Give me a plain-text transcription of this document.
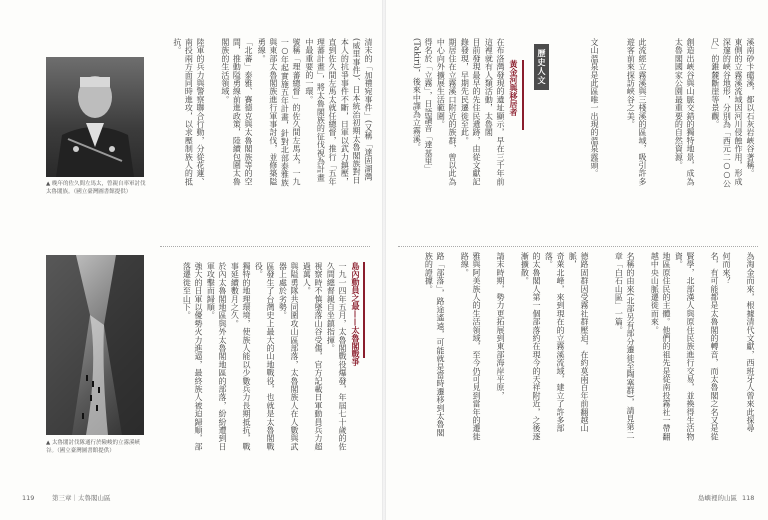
▲ 晚年的佐久間左馬太，曾親自率軍討伐太魯閣族。（國立臺灣圖書館提供）
清末的「加禮宛事件」(又稱「達固湖灣
(威里事件)、日本統治初期太魯閣族對日本人的抗爭事件不斷，日軍以武力鎮壓，
直到佐久間左馬太就任總督，推行「五年理蕃計畫」，將太魯閣族的征伐視為計畫中最重要的一環。
號稱「理蕃總督」的佐久間左馬太，一九一○年起實施五年計畫，針對北部泰雅族與東部太魯閣族進行軍事討伐，並修築隘勇線。
「北蕃」泰雅、賽德克與太魯閣族等的空間，推動隘勇線前進政策，陸續包圍太魯閣族的生活領域。
陸軍的兵力與警察聯合行動，分從花蓮、南投兩方面同時進攻，以求壓制族人的抵抗。
島內動員之最——太魯閣戰爭
一九一四年五月，太魯閣戰役爆發，年屆七十歲的佐久間總督親自坐鎮指揮。
視察時不慎墜落山谷受傷，官方記載日軍動員兵力超過萬人。
與隘勇隊共同圍攻山區部落，太魯閣族人在人數與武器上處於劣勢。
區發生了台灣史上最大的山地戰役，也就是太魯閣戰役。
獨特的地理環境，使族人能以少數兵力長期抵抗，戰事延續數月之久。
於內太魯閣地區與外太魯閣地區的部落，紛紛遭到日軍攻擊而歸順。
強大的日軍以優勢火力進逼，最終族人被迫歸順，部落遷徙至山下。
▲ 太魯閣討伐隊通行於險峻的立霧溪峽谷。（國立臺灣圖書館提供）
119	第三章｜太魯閣山區
溪南砂卡礑溪，都以石灰岩峽谷著稱。
東側的立霧溪流域因河川侵蝕作用，形成深邃的峽谷地形，分別為「西元二○○公尺」的錐麓斷崖等景觀。
創造出峽谷與山脈交錯的獨特地景，成為太魯閣國家公園最重要的自然資源。
此流經立霧溪與三棧溪的區域，吸引許多遊客前來探訪峽谷之美。
文山溫泉是此區唯一出現的溫泉露頭。
歷史人文
黃金河與移居者
在布洛灣發現的遺址顯示，早在三千年前這裡就有人類活動，太魯閣
目前發現最早的先住民遺跡，由從文獻記錄發現，早期先民遷徙至此。
期居住在立霧溪口附近的族群，曾以此為中心向外擴展生活範圍。
得名於「立霧」，日語讀音「達基里」(Takiri)，後來中譯為立霧溪。
為淘金而來，根據清代文獻，西班牙人曾來此探尋
何而來？
名，有可能都是太魯閣的轉音，而太魯閣之名又是從
賢學，北部漢人與原住民族進行交易，並換得生活物資。
地區原住民的主體。他們的祖先是從南投霧社一帶翻越中央山脈遷徙而來。
名稱的由來(北部另有部分遷徙至陶塞群)，請見第二章「白石山區」一篇。
德路固群因受霧社群壓迫，在約莫兩百年前翻越山脈，
奇萊北峰，來到現在的立霧溪流域，建立了許多部落。
的太魯閣人第一個部落約在現今的天祥附近，之後逐漸擴散。
請末時期，勢力更拓展到東部海岸平原，
雅與阿美族人的生活領域，至今仍可見到當年的遷徙路線。
路「部落」，路途遙遠，可能就是當時遷移到太魯閣族的證據。
島嶼裡的山區 118
